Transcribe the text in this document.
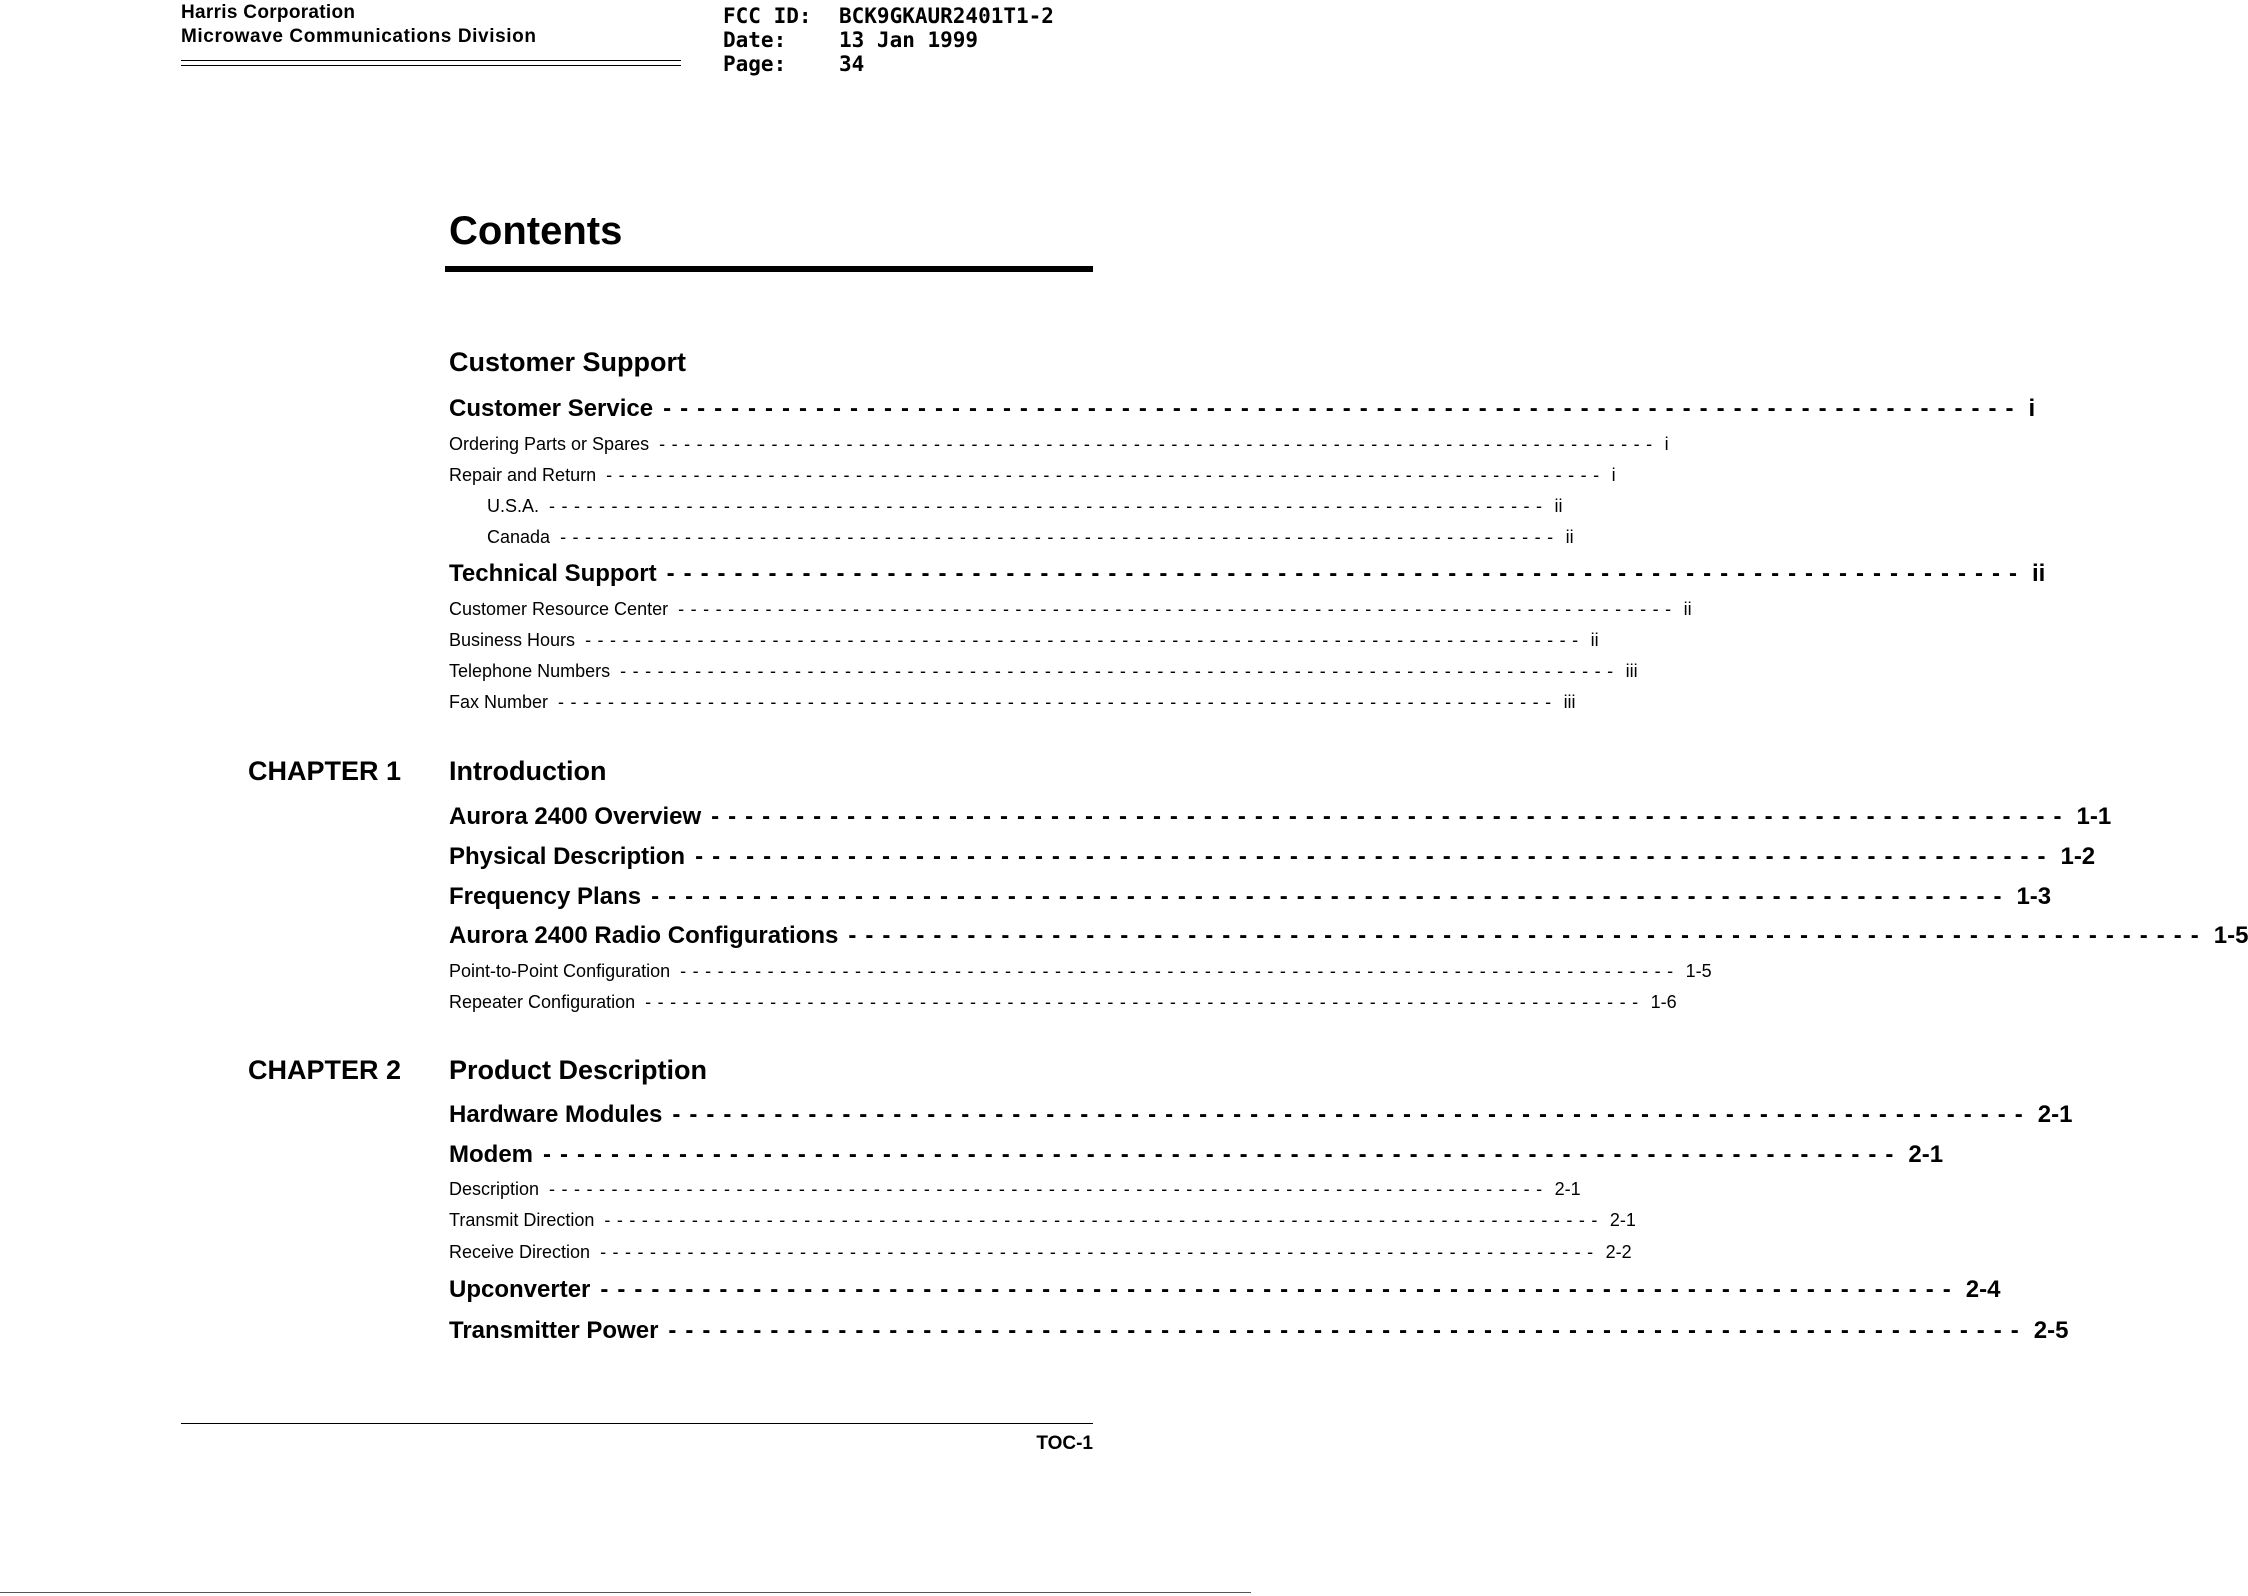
Harris Corporation
Microwave Communications Division
FCC ID: BCK9GKAUR2401T1-2
Date:	13 Jan 1999
Page:	34
Contents
Customer Support
Customer Service -------------------------------------------------------------------------------- i
Ordering Parts or Spares -------------------------------------------------------------------------------- i
Repair and Return -------------------------------------------------------------------------------- i
U.S.A. -------------------------------------------------------------------------------- ii
Canada -------------------------------------------------------------------------------- ii
Technical Support -------------------------------------------------------------------------------- ii
Customer Resource Center -------------------------------------------------------------------------------- ii
Business Hours -------------------------------------------------------------------------------- ii
Telephone Numbers -------------------------------------------------------------------------------- iii
Fax Number -------------------------------------------------------------------------------- iii
CHAPTER 1 Introduction
Aurora 2400 Overview -------------------------------------------------------------------------------- 1-1
Physical Description -------------------------------------------------------------------------------- 1-2
Frequency Plans -------------------------------------------------------------------------------- 1-3
Aurora 2400 Radio Configurations -------------------------------------------------------------------------------- 1-5
Point-to-Point Configuration -------------------------------------------------------------------------------- 1-5
Repeater Configuration -------------------------------------------------------------------------------- 1-6
CHAPTER 2 Product Description
Hardware Modules -------------------------------------------------------------------------------- 2-1
Modem -------------------------------------------------------------------------------- 2-1
Description -------------------------------------------------------------------------------- 2-1
Transmit Direction -------------------------------------------------------------------------------- 2-1
Receive Direction -------------------------------------------------------------------------------- 2-2
Upconverter -------------------------------------------------------------------------------- 2-4
Transmitter Power -------------------------------------------------------------------------------- 2-5
TOC-1
